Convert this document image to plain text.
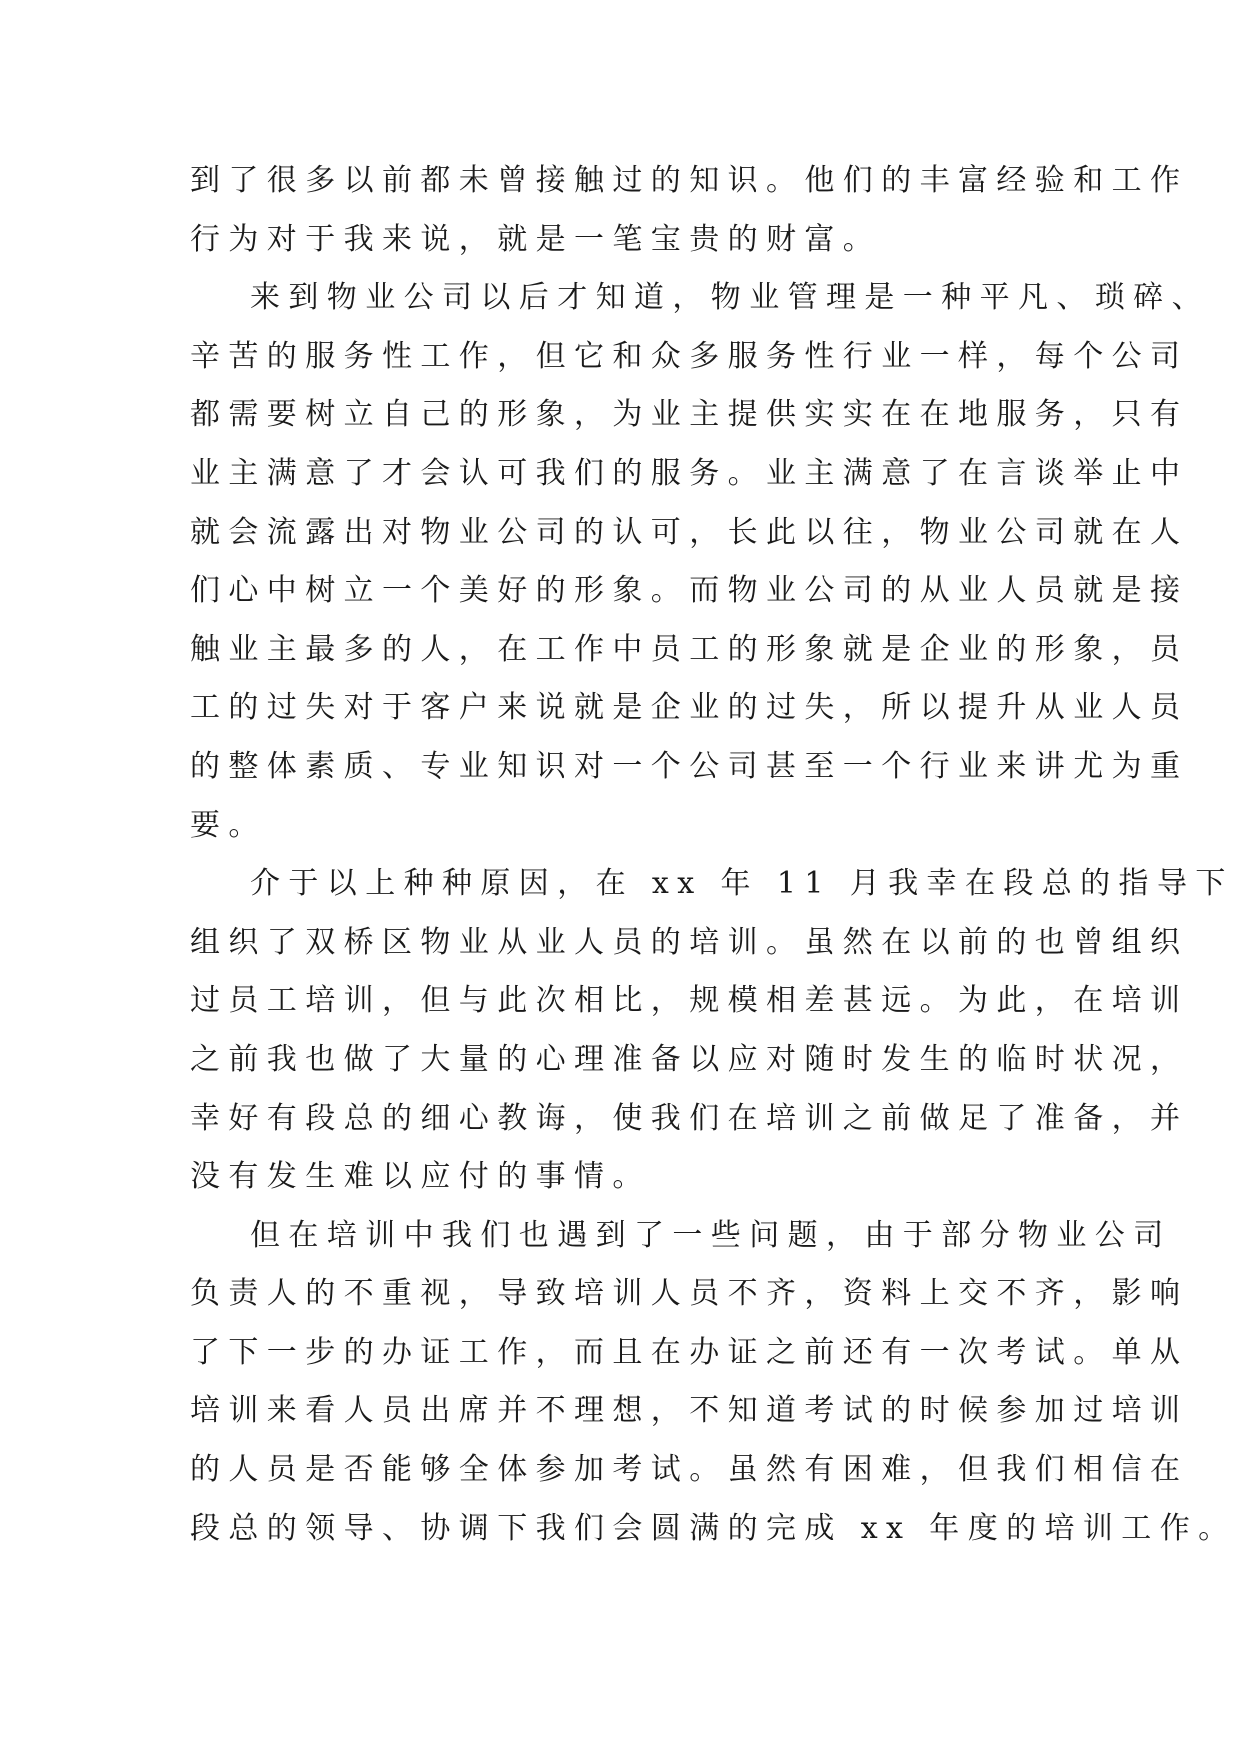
到了很多以前都未曾接触过的知识。他们的丰富经验和工作
行为对于我来说，就是一笔宝贵的财富。
来到物业公司以后才知道，物业管理是一种平凡、琐碎、
辛苦的服务性工作，但它和众多服务性行业一样，每个公司
都需要树立自己的形象，为业主提供实实在在地服务，只有
业主满意了才会认可我们的服务。业主满意了在言谈举止中
就会流露出对物业公司的认可，长此以往，物业公司就在人
们心中树立一个美好的形象。而物业公司的从业人员就是接
触业主最多的人，在工作中员工的形象就是企业的形象，员
工的过失对于客户来说就是企业的过失，所以提升从业人员
的整体素质、专业知识对一个公司甚至一个行业来讲尤为重
要。
介于以上种种原因，在 xx 年 11 月我幸在段总的指导下
组织了双桥区物业从业人员的培训。虽然在以前的也曾组织
过员工培训，但与此次相比，规模相差甚远。为此，在培训
之前我也做了大量的心理准备以应对随时发生的临时状况，
幸好有段总的细心教诲，使我们在培训之前做足了准备，并
没有发生难以应付的事情。
但在培训中我们也遇到了一些问题，由于部分物业公司
负责人的不重视，导致培训人员不齐，资料上交不齐，影响
了下一步的办证工作，而且在办证之前还有一次考试。单从
培训来看人员出席并不理想，不知道考试的时候参加过培训
的人员是否能够全体参加考试。虽然有困难，但我们相信在
段总的领导、协调下我们会圆满的完成 xx 年度的培训工作。
